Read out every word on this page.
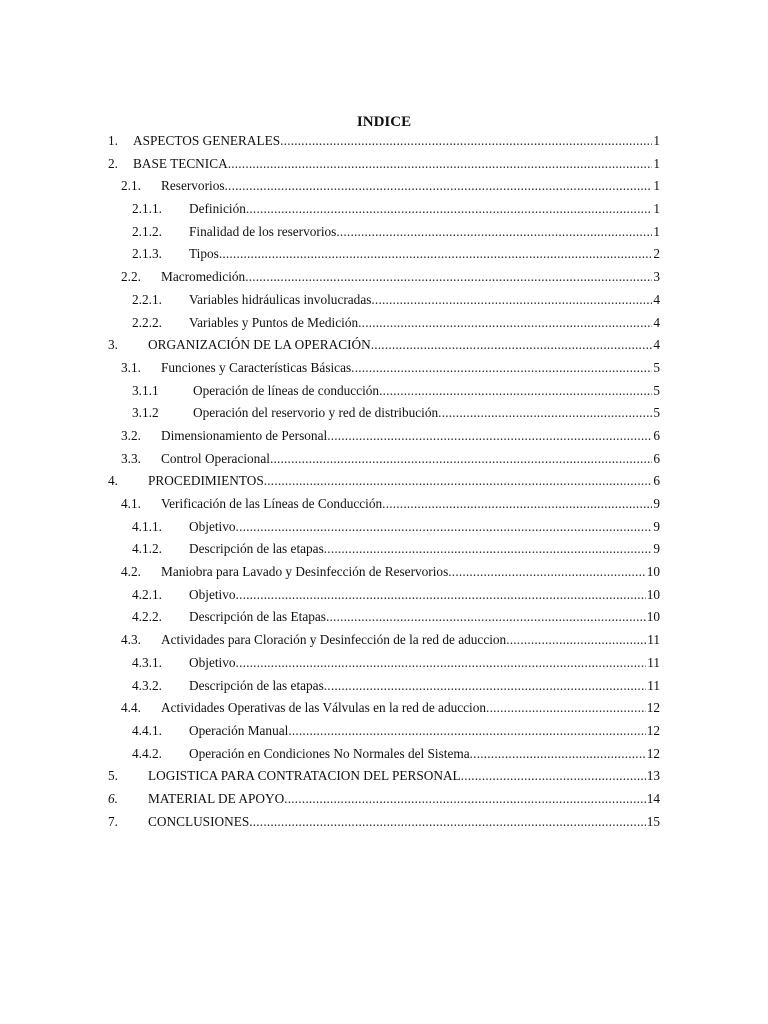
INDICE
1. ASPECTOS GENERALES .....	1
2. BASE TECNICA .....	1
2.1. Reservorios .....	1
2.1.1. Definición .....	1
2.1.2. Finalidad de los reservorios .....	1
2.1.3. Tipos .....	2
2.2. Macromedición .....	3
2.2.1. Variables hidráulicas involucradas .....	4
2.2.2. Variables y Puntos de Medición .....	4
3. ORGANIZACIÓN DE LA OPERACIÓN .....	4
3.1. Funciones y Características Básicas .....	5
3.1.1	Operación de líneas de conducción .....	5
3.1.2	Operación del reservorio y red de distribución .....	5
3.2. Dimensionamiento de Personal .....	6
3.3. Control Operacional .....	6
4. PROCEDIMIENTOS .....	6
4.1. Verificación de las Líneas de Conducción .....	9
4.1.1. Objetivo .....	9
4.1.2. Descripción de las etapas .....	9
4.2. Maniobra para Lavado y Desinfección de Reservorios .....	10
4.2.1. Objetivo .....	10
4.2.2. Descripción de las Etapas .....	10
4.3. Actividades para Cloración y Desinfección de la red de aduccion .....	11
4.3.1. Objetivo .....	11
4.3.2. Descripción de las etapas .....	11
4.4. Actividades Operativas de las Válvulas en la red de aduccion .....	12
4.4.1. Operación Manual .....	12
4.4.2. Operación en Condiciones No Normales del Sistema .....	12
5. LOGISTICA PARA CONTRATACION DEL PERSONAL .....	13
6. MATERIAL DE APOYO .....	14
7. CONCLUSIONES .....	15
